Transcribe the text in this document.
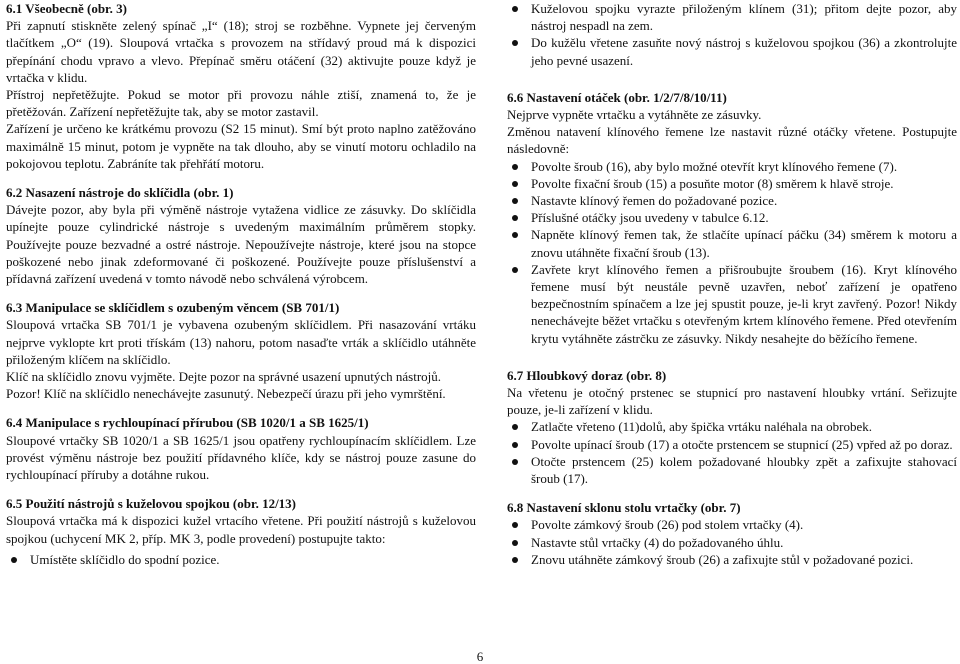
6.1 Všeobecně (obr. 3)

Při zapnutí stiskněte zelený spínač „I“ (18); stroj se rozběhne. Vypnete jej červeným tlačítkem „O“ (19). Sloupová vrtačka s provozem na střídavý proud má k dispozici přepínání chodu vpravo a vlevo. Přepínač směru otáčení (32) aktivujte pouze když je vrtačka v klidu.

Přístroj nepřetěžujte. Pokud se motor při provozu náhle ztiší, znamená to, že je přetěžován. Zařízení nepřetěžujte tak, aby se motor zastavil.

Zařízení je určeno ke krátkému provozu (S2 15 minut). Smí být proto naplno zatěžováno maximálně 15 minut, potom je vypněte na tak dlouho, aby se vinutí motoru ochladilo na pokojovou teplotu. Zabráníte tak přehřátí motoru.

6.2 Nasazení nástroje do sklíčidla (obr. 1)

Dávejte pozor, aby byla při výměně nástroje vytažena vidlice ze zásuvky. Do sklíčidla upínejte pouze cylindrické nástroje s uvedeným maximálním průměrem stopky. Používejte pouze bezvadné a ostré nástroje. Nepoužívejte nástroje, které jsou na stopce poškozené nebo jinak zdeformované či poškozené. Používejte pouze příslušenství a přídavná zařízení uvedená v tomto návodě nebo schválená výrobcem.

6.3 Manipulace se sklíčidlem s ozubeným věncem (SB 701/1)

Sloupová vrtačka SB 701/1 je vybavena ozubeným sklíčidlem. Při nasazování vrtáku nejprve vyklopte krt proti třískám (13) nahoru, potom nasaďte vrták a sklíčidlo utáhněte přiloženým klíčem na sklíčidlo.

Klíč na sklíčidlo znovu vyjměte. Dejte pozor na správné usazení upnutých nástrojů.

Pozor! Klíč na sklíčidlo nenechávejte zasunutý. Nebezpečí úrazu při jeho vymrštění.

6.4 Manipulace s rychloupínací přírubou (SB 1020/1 a SB 1625/1)

Sloupové vrtačky SB 1020/1 a SB 1625/1 jsou opatřeny rychloupínacím sklíčidlem. Lze provést výměnu nástroje bez použití přídavného klíče, kdy se nástroj pouze zasune do rychloupínací příruby a dotáhne rukou.

6.5 Použití nástrojů s kuželovou spojkou (obr. 12/13)

Sloupová vrtačka má k dispozici kužel vrtacího vřetene. Při použití nástrojů s kuželovou spojkou (uchycení MK 2, příp. MK 3, podle provedení) postupujte takto:

Umístěte sklíčidlo do spodní pozice.
Kuželovou spojku vyrazte přiloženým klínem (31); přitom dejte pozor, aby nástroj nespadl na zem.
Do kužělu vřetene zasuňte nový nástroj s kuželovou spojkou (36) a zkontrolujte jeho pevné usazení.

6.6 Nastavení otáček (obr. 1/2/7/8/10/11)

Nejprve vypněte vrtačku a vytáhněte ze zásuvky.

Změnou natavení klínového řemene lze nastavit různé otáčky vřetene. Postupujte následovně:

Povolte šroub (16), aby bylo možné otevřít kryt klínového řemene (7).
Povolte fixační šroub (15) a posuňte motor (8) směrem k hlavě stroje.
Nastavte klínový řemen do požadované pozice.
Příslušné otáčky jsou uvedeny v tabulce 6.12.
Napněte klínový řemen tak, že stlačíte upínací páčku (34) směrem k motoru a znovu utáhněte fixační šroub (13).
Zavřete kryt klínového řemen a přišroubujte šroubem (16). Kryt klínového řemene musí být neustále pevně uzavřen, neboť zařízení je opatřeno bezpečnostním spínačem a lze jej spustit pouze, je-li kryt zavřený. Pozor! Nikdy nenechávejte běžet vrtačku s otevřeným krtem klínového řemene. Před otevřením krytu vytáhněte zástrčku ze zásuvky. Nikdy nesahejte do běžícího řemene.

6.7 Hloubkový doraz (obr. 8)

Na vřetenu je otočný prstenec se stupnicí pro nastavení hloubky vrtání. Seřizujte pouze, je-li zařízení v klidu.

Zatlačte vřeteno (11)dolů, aby špička vrtáku naléhala na obrobek.
Povolte upínací šroub (17) a otočte prstencem se stupnicí (25) vpřed až po doraz.
Otočte prstencem (25) kolem požadované hloubky zpět a zafixujte stahovací šroub (17).

6.8 Nastavení sklonu stolu vrtačky (obr. 7)

Povolte zámkový šroub (26) pod stolem vrtačky (4).
Nastavte stůl vrtačky (4) do požadovaného úhlu.
Znovu utáhněte zámkový šroub (26) a zafixujte stůl v požadované pozici.
6
